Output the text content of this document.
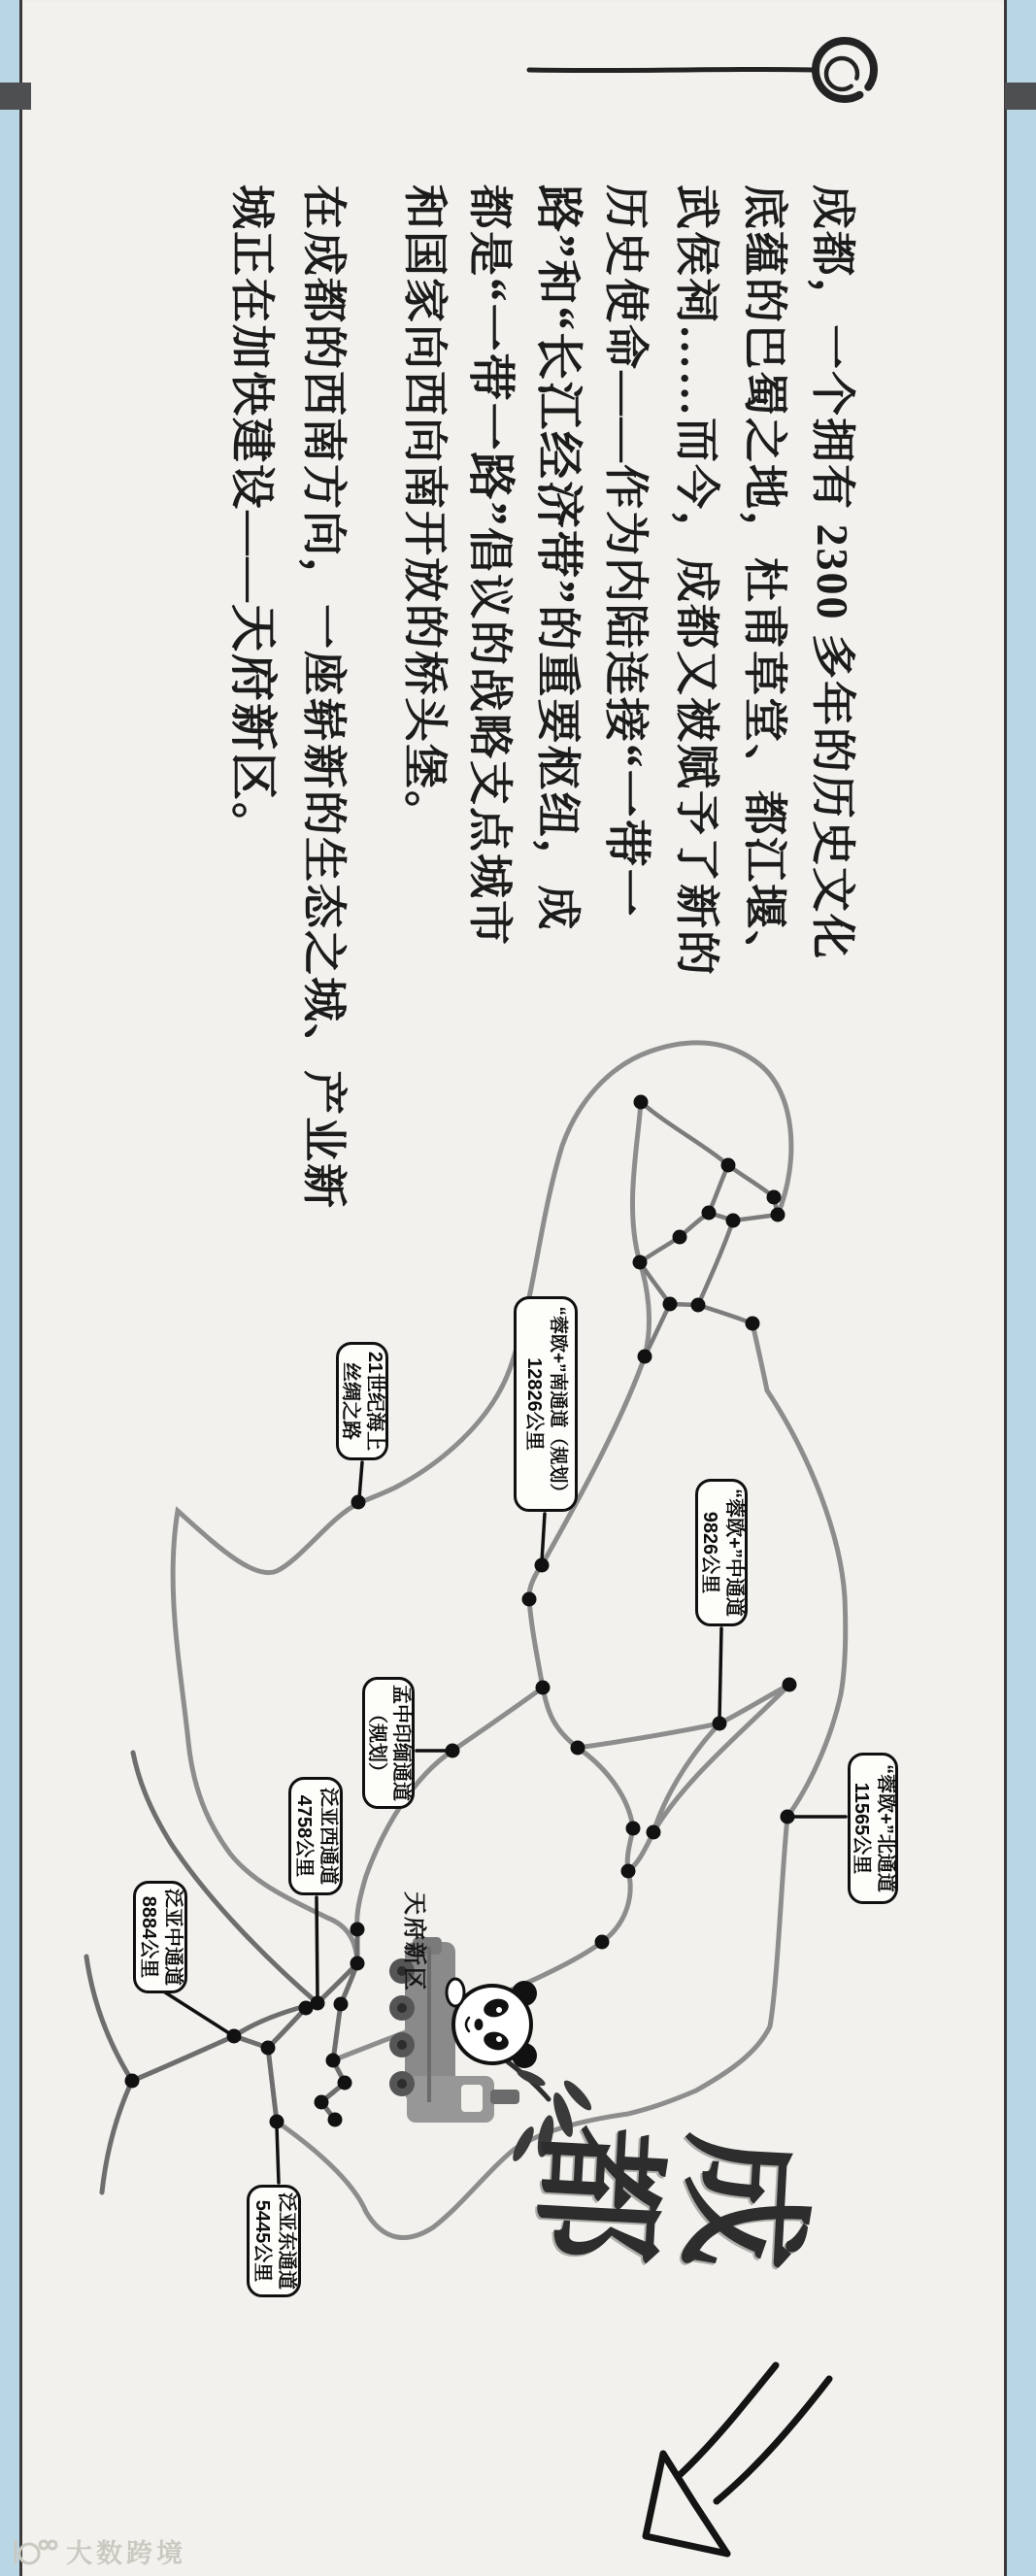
成都，一个拥有 2300 多年的历史文化
底蕴的巴蜀之地，杜甫草堂、都江堰、
武侯祠……而今，成都又被赋予了新的
历史使命——作为内陆连接“一带一
路”和“长江经济带”的重要枢纽，成
都是“一带一路”倡议的战略支点城市
和国家向西向南开放的桥头堡。
在成都的西南方向，一座崭新的生态之城、产业新
城正在加快建设——天府新区。
天府新区
成都
“蓉欧+”北通道
11565公里
“蓉欧+”中通道
9826公里
“蓉欧+”南通道（规划）
12826公里
21世纪海上
丝绸之路
孟中印缅通道
（规划）
泛亚西通道
4758公里
泛亚中通道
8884公里
泛亚东通道
5445公里
大数跨境
